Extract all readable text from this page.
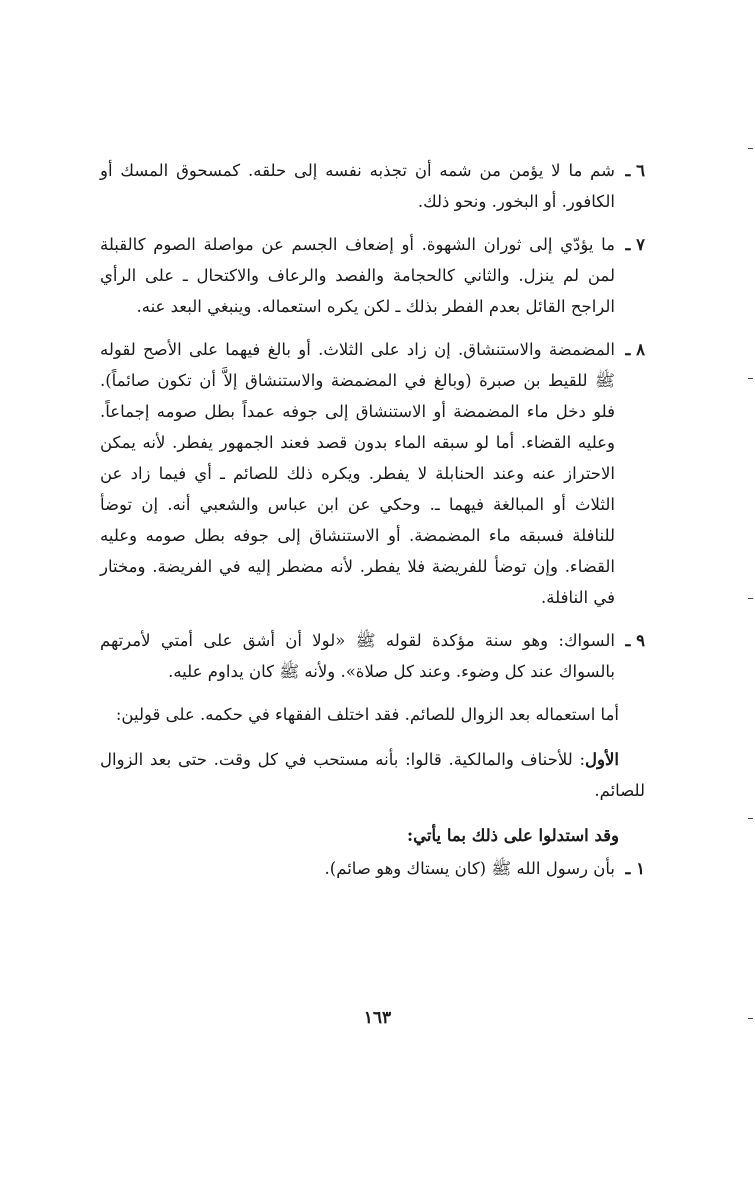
٦ ـ
شم ما لا يؤمن من شمه أن تجذبه نفسه إلى حلقه. كمسحوق المسك أو الكافور. أو البخور. ونحو ذلك.
٧ ـ
ما يؤدّي إلى ثوران الشهوة. أو إضعاف الجسم عن مواصلة الصوم كالقبلة لمن لم ينزل. والثاني كالحجامة والفصد والرعاف والاكتحال ـ على الرأي الراجح القائل بعدم الفطر بذلك ـ لكن يكره استعماله. وينبغي البعد عنه.
٨ ـ
المضمضة والاستنشاق. إن زاد على الثلاث. أو بالغ فيهما على الأصح لقوله ﷺ للقيط بن صبرة (وبالغ في المضمضة والاستنشاق إلاَّ أن تكون صائماً). فلو دخل ماء المضمضة أو الاستنشاق إلى جوفه عمداً بطل صومه إجماعاً. وعليه القضاء. أما لو سبقه الماء بدون قصد فعند الجمهور يفطر. لأنه يمكن الاحتراز عنه وعند الحنابلة لا يفطر. ويكره ذلك للصائم ـ أي فيما زاد عن الثلاث أو المبالغة فيهما ـ. وحكي عن ابن عباس والشعبي أنه. إن توضأ للنافلة فسبقه ماء المضمضة. أو الاستنشاق إلى جوفه بطل صومه وعليه القضاء. وإن توضأ للفريضة فلا يفطر. لأنه مضطر إليه في الفريضة. ومختار في النافلة.
٩ ـ
السواك: وهو سنة مؤكدة لقوله ﷺ «لولا أن أشق على أمتي لأمرتهم بالسواك عند كل وضوء. وعند كل صلاة». ولأنه ﷺ كان يداوم عليه.

أما استعماله بعد الزوال للصائم. فقد اختلف الفقهاء في حكمه. على قولين:

الأول: للأحناف والمالكية. قالوا: بأنه مستحب في كل وقت. حتى بعد الزوال للصائم.

وقد استدلوا على ذلك بما يأتي:

١ ـ
بأن رسول الله ﷺ (كان يستاك وهو صائم).
١٦٣
